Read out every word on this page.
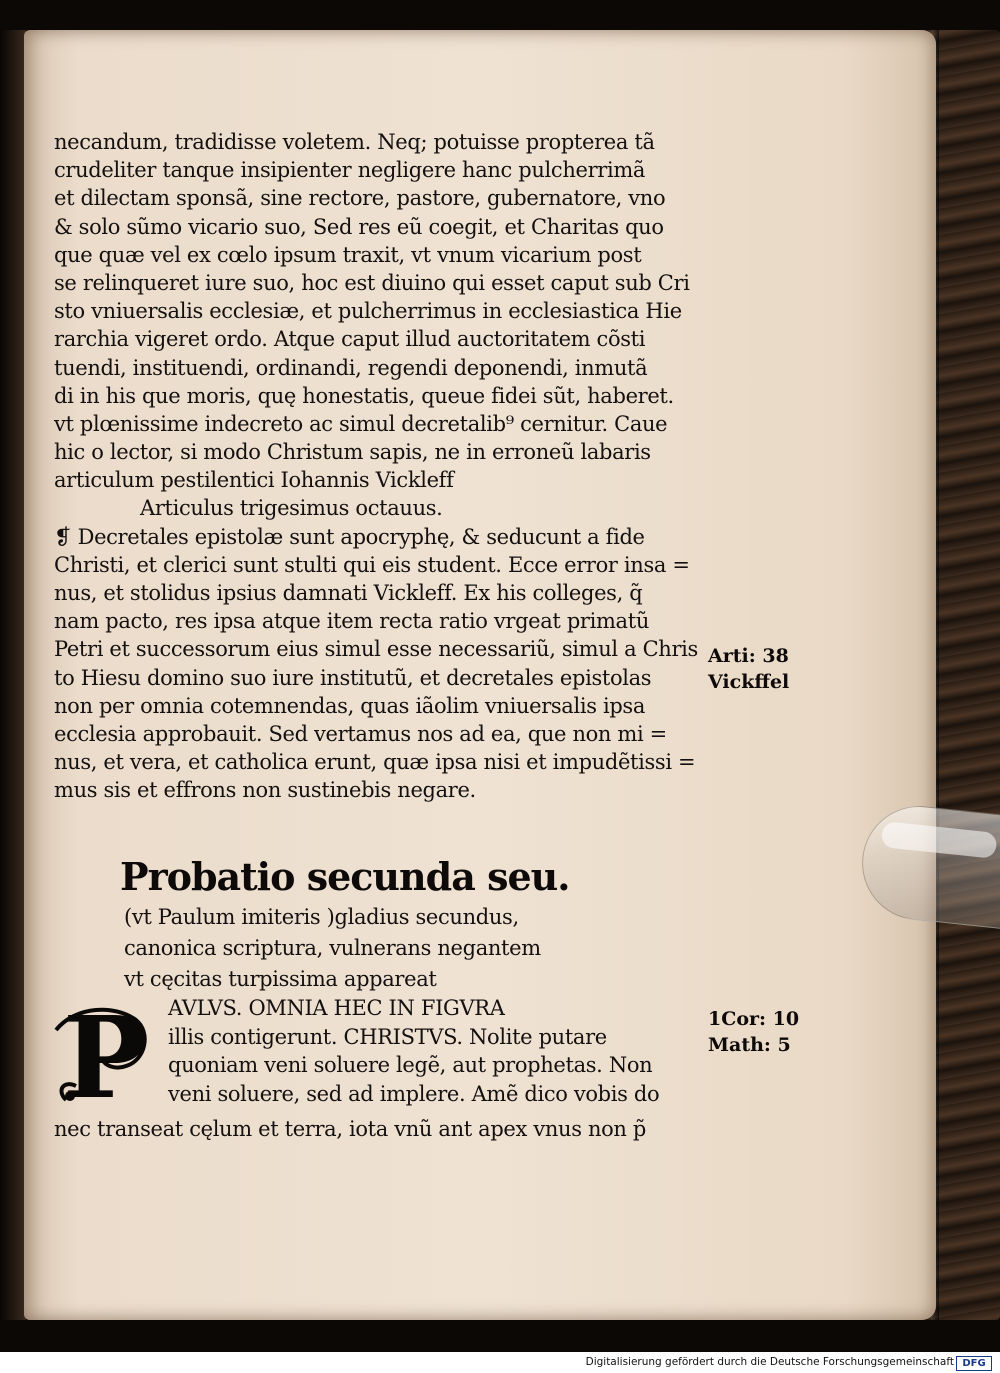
necandum, tradidisse voletem. Neq; potuisse propterea tã
crudeliter tanque insipienter negligere hanc pulcherrimã
et dilectam sponsã, sine rectore, pastore, gubernatore, vno
& solo sũmo vicario suo, Sed res eũ coegit, et Charitas quo
que quæ vel ex cœlo ipsum traxit, vt vnum vicarium post
se relinqueret iure suo, hoc est diuino qui esset caput sub Cri
sto vniuersalis ecclesiæ, et pulcherrimus in ecclesiastica Hie
rarchia vigeret ordo. Atque caput illud auctoritatem cõsti
tuendi, instituendi, ordinandi, regendi deponendi, inmutã
di in his que moris, quę honestatis, queue fidei sũt, haberet.
vt plœnissime indecreto ac simul decretalib⁹ cernitur. Caue
hic o lector, si modo Christum sapis, ne in erroneũ labaris
articulum pestilentici Iohannis Vickleff
Articulus trigesimus octauus.
❡ Decretales epistolæ sunt apocryphę, & seducunt a fide
Christi, et clerici sunt stulti qui eis student. Ecce error insa =
nus, et stolidus ipsius damnati Vickleff. Ex his colleges, q̃
nam pacto, res ipsa atque item recta ratio vrgeat primatũ
Petri et successorum eius simul esse necessariũ, simul a Chris
to Hiesu domino suo iure institutũ, et decretales epistolas
non per omnia cotemnendas, quas iãolim vniuersalis ipsa
ecclesia approbauit. Sed vertamus nos ad ea, que non mi =
nus, et vera, et catholica erunt, quæ ipsa nisi et impudẽtissi =
mus sis et effrons non sustinebis negare.
Probatio secunda seu.
(vt Paulum imiteris )gladius secundus,
canonica scriptura, vulnerans negantem
vt cęcitas turpissima appareat
P AVLVS. OMNIA HEC IN FIGVRA
illis contigerunt. CHRISTVS. Nolite putare
quoniam veni soluere legẽ, aut prophetas. Non
veni soluere, sed ad implere. Amẽ dico vobis do
nec transeat cęlum et terra, iota vnũ ant apex vnus non p̃
Arti: 38
Vickffel
1Cor: 10
Math: 5
Digitalisierung gefördert durch die Deutsche Forschungsgemeinschaft DFG
